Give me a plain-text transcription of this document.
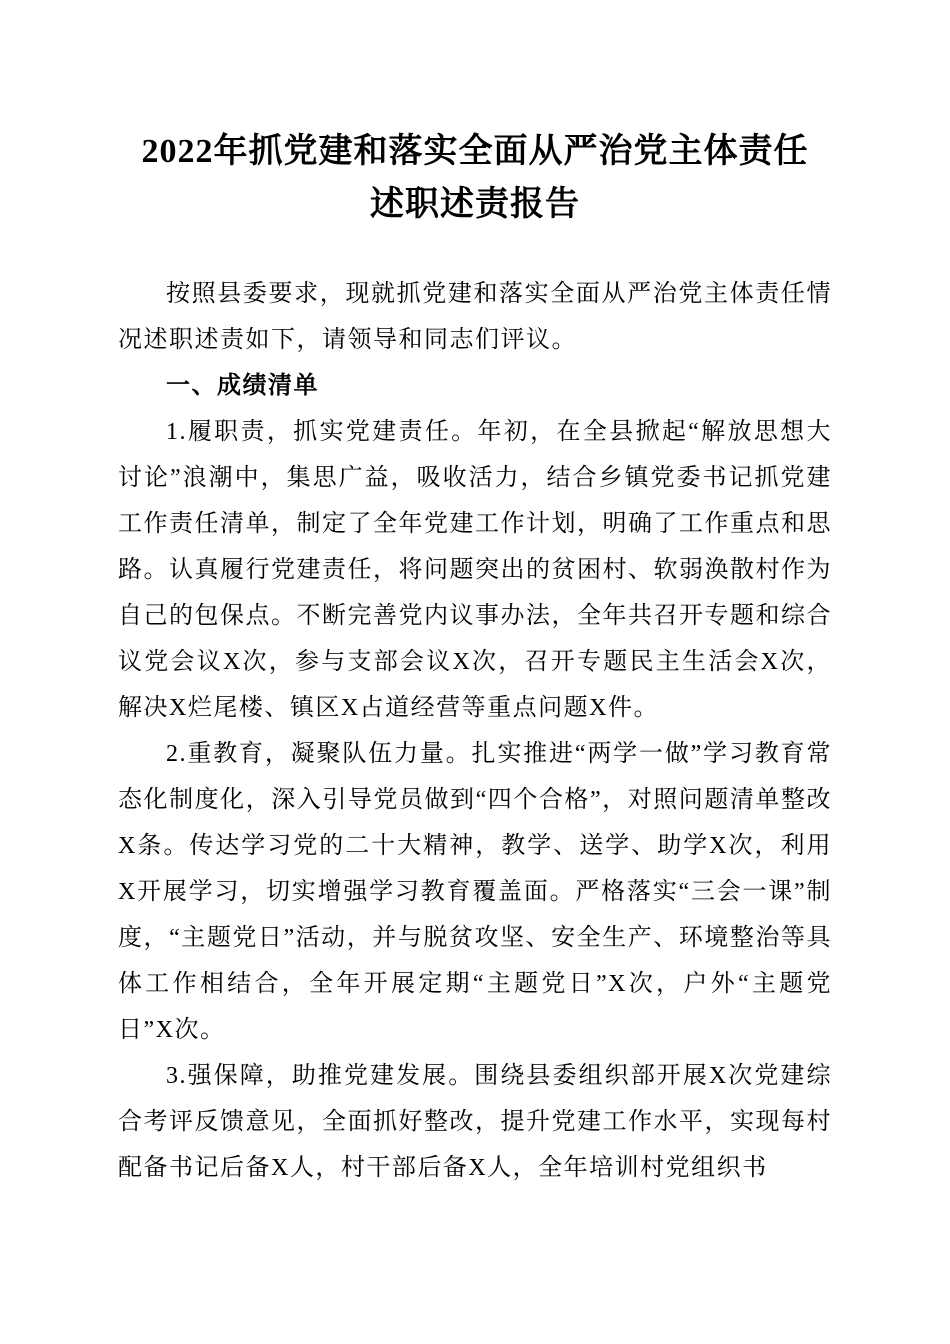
2022年抓党建和落实全面从严治党主体责任
述职述责报告

按照县委要求，现就抓党建和落实全面从严治党主体责任情况述职述责如下，请领导和同志们评议。

一、成绩清单

1.履职责，抓实党建责任。年初，在全县掀起“解放思想大讨论”浪潮中，集思广益，吸收活力，结合乡镇党委书记抓党建工作责任清单，制定了全年党建工作计划，明确了工作重点和思路。认真履行党建责任，将问题突出的贫困村、软弱涣散村作为自己的包保点。不断完善党内议事办法，全年共召开专题和综合议党会议X次，参与支部会议X次，召开专题民主生活会X次，解决X烂尾楼、镇区X占道经营等重点问题X件。

2.重教育，凝聚队伍力量。扎实推进“两学一做”学习教育常态化制度化，深入引导党员做到“四个合格”，对照问题清单整改X条。传达学习党的二十大精神，教学、送学、助学X次，利用X开展学习，切实增强学习教育覆盖面。严格落实“三会一课”制度，“主题党日”活动，并与脱贫攻坚、安全生产、环境整治等具体工作相结合，全年开展定期“主题党日”X次，户外“主题党日”X次。

3.强保障，助推党建发展。围绕县委组织部开展X次党建综合考评反馈意见，全面抓好整改，提升党建工作水平，实现每村配备书记后备X人，村干部后备X人，全年培训村党组织书
